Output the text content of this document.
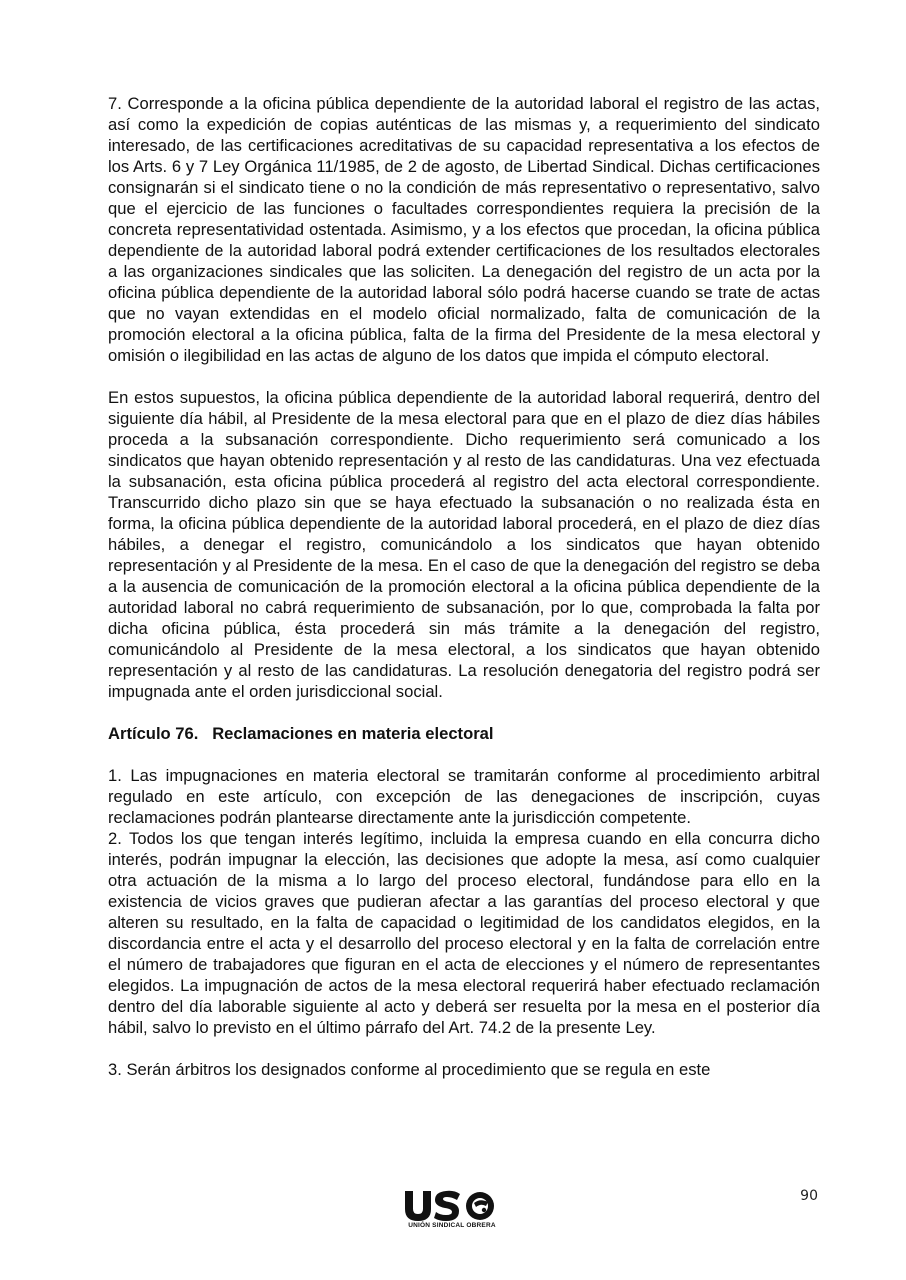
7. Corresponde a la oficina pública dependiente de la autoridad laboral el registro de las actas, así como la expedición de copias auténticas de las mismas y, a requerimiento del sindicato interesado, de las certificaciones acreditativas de su capacidad representativa a los efectos de los Arts. 6 y 7 Ley Orgánica 11/1985, de 2 de agosto, de Libertad Sindical. Dichas certificaciones consignarán si el sindicato tiene o no la condición de más representativo o representativo, salvo que el ejercicio de las funciones o facultades correspondientes requiera la precisión de la concreta representatividad ostentada. Asimismo, y a los efectos que procedan, la oficina pública dependiente de la autoridad laboral podrá extender certificaciones de los resultados electorales a las organizaciones sindicales que las soliciten. La denegación del registro de un acta por la oficina pública dependiente de la autoridad laboral sólo podrá hacerse cuando se trate de actas que no vayan extendidas en el modelo oficial normalizado, falta de comunicación de la promoción electoral a la oficina pública, falta de la firma del Presidente de la mesa electoral y omisión o ilegibilidad en las actas de alguno de los datos que impida el cómputo electoral.

En estos supuestos, la oficina pública dependiente de la autoridad laboral requerirá, dentro del siguiente día hábil, al Presidente de la mesa electoral para que en el plazo de diez días hábiles proceda a la subsanación correspondiente. Dicho requerimiento será comunicado a los sindicatos que hayan obtenido representación y al resto de las candidaturas. Una vez efectuada la subsanación, esta oficina pública procederá al registro del acta electoral correspondiente. Transcurrido dicho plazo sin que se haya efectuado la subsanación o no realizada ésta en forma, la oficina pública dependiente de la autoridad laboral procederá, en el plazo de diez días hábiles, a denegar el registro, comunicándolo a los sindicatos que hayan obtenido representación y al Presidente de la mesa. En el caso de que la denegación del registro se deba a la ausencia de comunicación de la promoción electoral a la oficina pública dependiente de la autoridad laboral no cabrá requerimiento de subsanación, por lo que, comprobada la falta por dicha oficina pública, ésta procederá sin más trámite a la denegación del registro, comunicándolo al Presidente de la mesa electoral, a los sindicatos que hayan obtenido representación y al resto de las candidaturas. La resolución denegatoria del registro podrá ser impugnada ante el orden jurisdiccional social.

Artículo 76.   Reclamaciones en materia electoral

1. Las impugnaciones en materia electoral se tramitarán conforme al procedimiento arbitral regulado en este artículo, con excepción de las denegaciones de inscripción, cuyas reclamaciones podrán plantearse directamente ante la jurisdicción competente.

2. Todos los que tengan interés legítimo, incluida la empresa cuando en ella concurra dicho interés, podrán impugnar la elección, las decisiones que adopte la mesa, así como cualquier otra actuación de la misma a lo largo del proceso electoral, fundándose para ello en la existencia de vicios graves que pudieran afectar a las garantías del proceso electoral y que alteren su resultado, en la falta de capacidad o legitimidad de los candidatos elegidos, en la discordancia entre el acta y el desarrollo del proceso electoral y en la falta de correlación entre el número de trabajadores que figuran en el acta de elecciones y el número de representantes elegidos. La impugnación de actos de la mesa electoral requerirá haber efectuado reclamación dentro del día laborable siguiente al acto y deberá ser resuelta por la mesa en el posterior día hábil, salvo lo previsto en el último párrafo del Art. 74.2 de la presente Ley.

3. Serán árbitros los designados conforme al procedimiento que se regula en este

90
UNIÓN SINDICAL OBRERA
